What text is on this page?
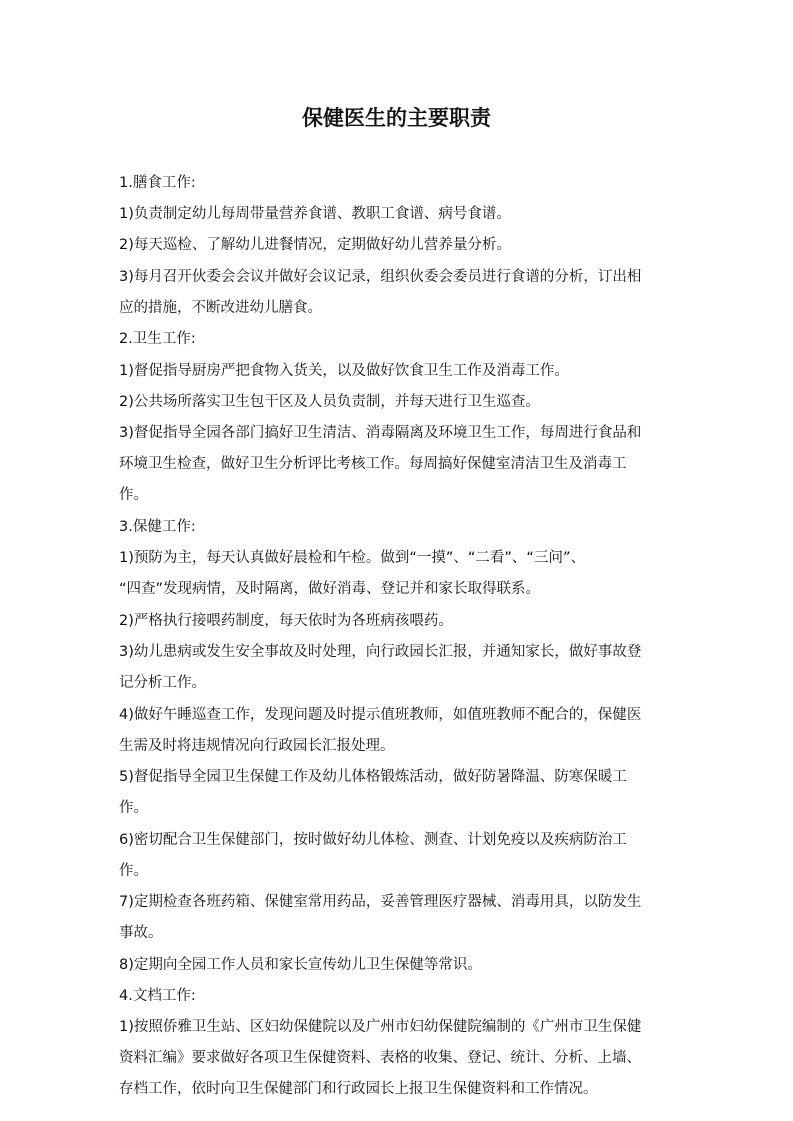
保健医生的主要职责
1.膳食工作:
1)负责制定幼儿每周带量营养食谱、教职工食谱、病号食谱。
2)每天巡检、了解幼儿进餐情况，定期做好幼儿营养量分析。
3)每月召开伙委会会议并做好会议记录，组织伙委会委员进行食谱的分析，订出相
应的措施，不断改进幼儿膳食。
2.卫生工作:
1)督促指导厨房严把食物入货关，以及做好饮食卫生工作及消毒工作。
2)公共场所落实卫生包干区及人员负责制，并每天进行卫生巡查。
3)督促指导全园各部门搞好卫生清洁、消毒隔离及环境卫生工作，每周进行食品和
环境卫生检查，做好卫生分析评比考核工作。每周搞好保健室清洁卫生及消毒工
作。
3.保健工作:
1)预防为主，每天认真做好晨检和午检。做到“一摸”、“二看”、“三问”、
“四查”发现病情，及时隔离，做好消毒、登记并和家长取得联系。
2)严格执行接喂药制度，每天依时为各班病孩喂药。
3)幼儿患病或发生安全事故及时处理，向行政园长汇报，并通知家长，做好事故登
记分析工作。
4)做好午睡巡查工作，发现问题及时提示值班教师，如值班教师不配合的，保健医
生需及时将违规情况向行政园长汇报处理。
5)督促指导全园卫生保健工作及幼儿体格锻炼活动，做好防暑降温、防寒保暖工
作。
6)密切配合卫生保健部门，按时做好幼儿体检、测查、计划免疫以及疾病防治工
作。
7)定期检查各班药箱、保健室常用药品，妥善管理医疗器械、消毒用具，以防发生
事故。
8)定期向全园工作人员和家长宣传幼儿卫生保健等常识。
4.文档工作:
1)按照侨雅卫生站、区妇幼保健院以及广州市妇幼保健院编制的《广州市卫生保健
资料汇编》要求做好各项卫生保健资料、表格的收集、登记、统计、分析、上墙、
存档工作，依时向卫生保健部门和行政园长上报卫生保健资料和工作情况。
